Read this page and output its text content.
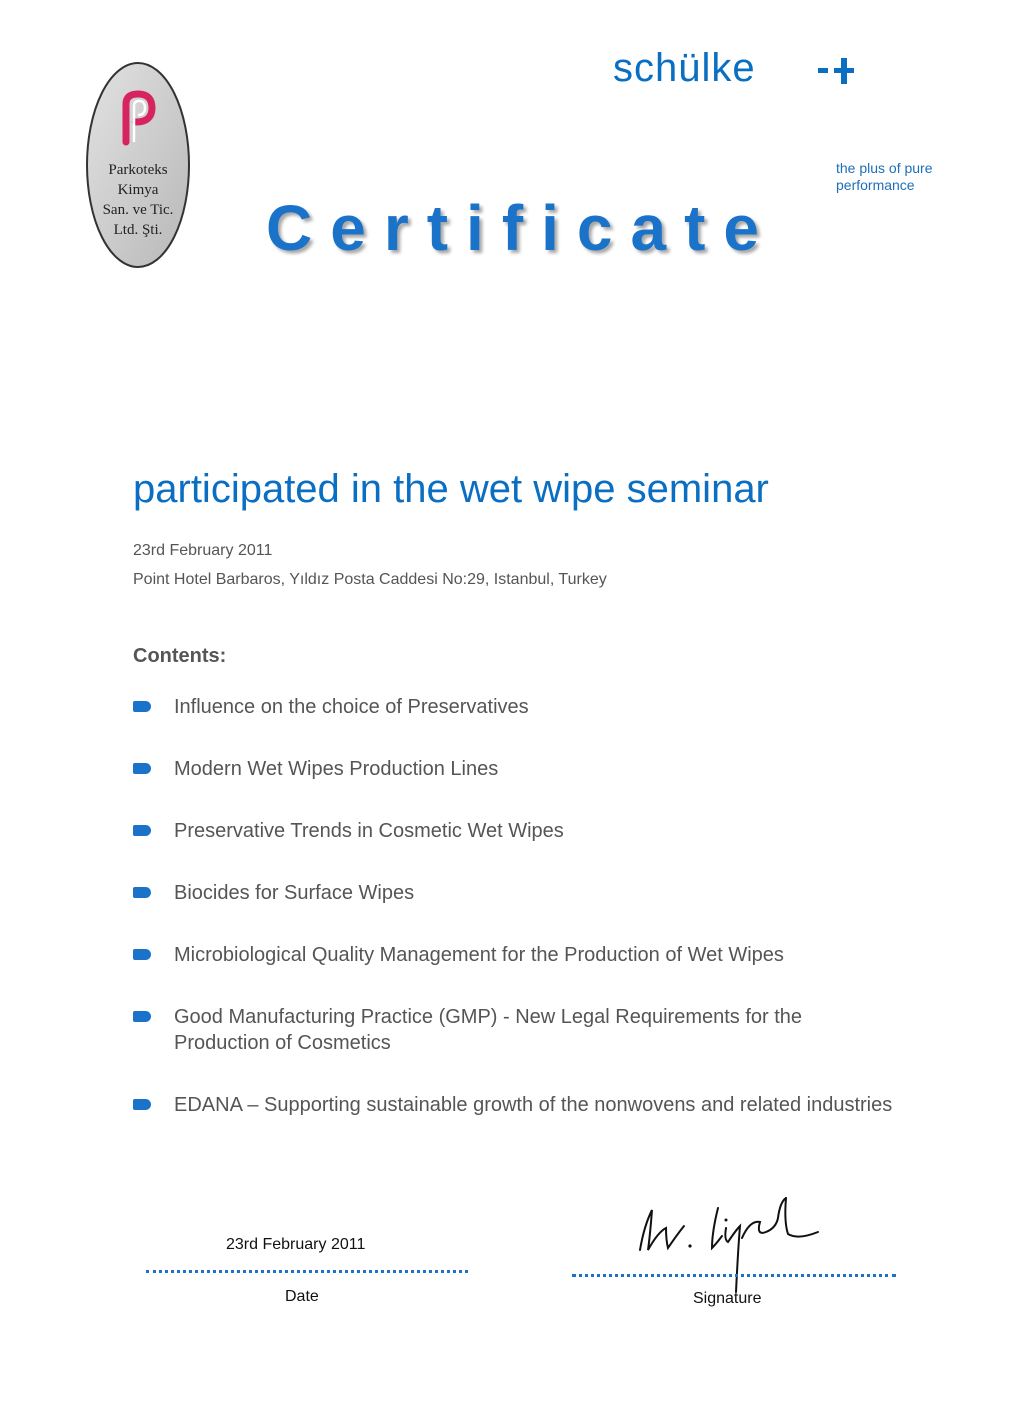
Parkoteks
Kimya
San. ve Tic.
Ltd. Şti.
schülke
the plus of pure
performance
Certificate
participated in the wet wipe seminar
23rd February 2011
Point Hotel Barbaros, Yıldız Posta Caddesi No:29, Istanbul, Turkey
Contents:
Influence on the choice of Preservatives
Modern Wet Wipes Production Lines
Preservative Trends in Cosmetic Wet Wipes
Biocides for Surface Wipes
Microbiological Quality Management for the Production of Wet Wipes
Good Manufacturing Practice (GMP) - New Legal Requirements for the Production of Cosmetics
EDANA – Supporting sustainable growth of the nonwovens and related industries
23rd February 2011
Date	Signature
